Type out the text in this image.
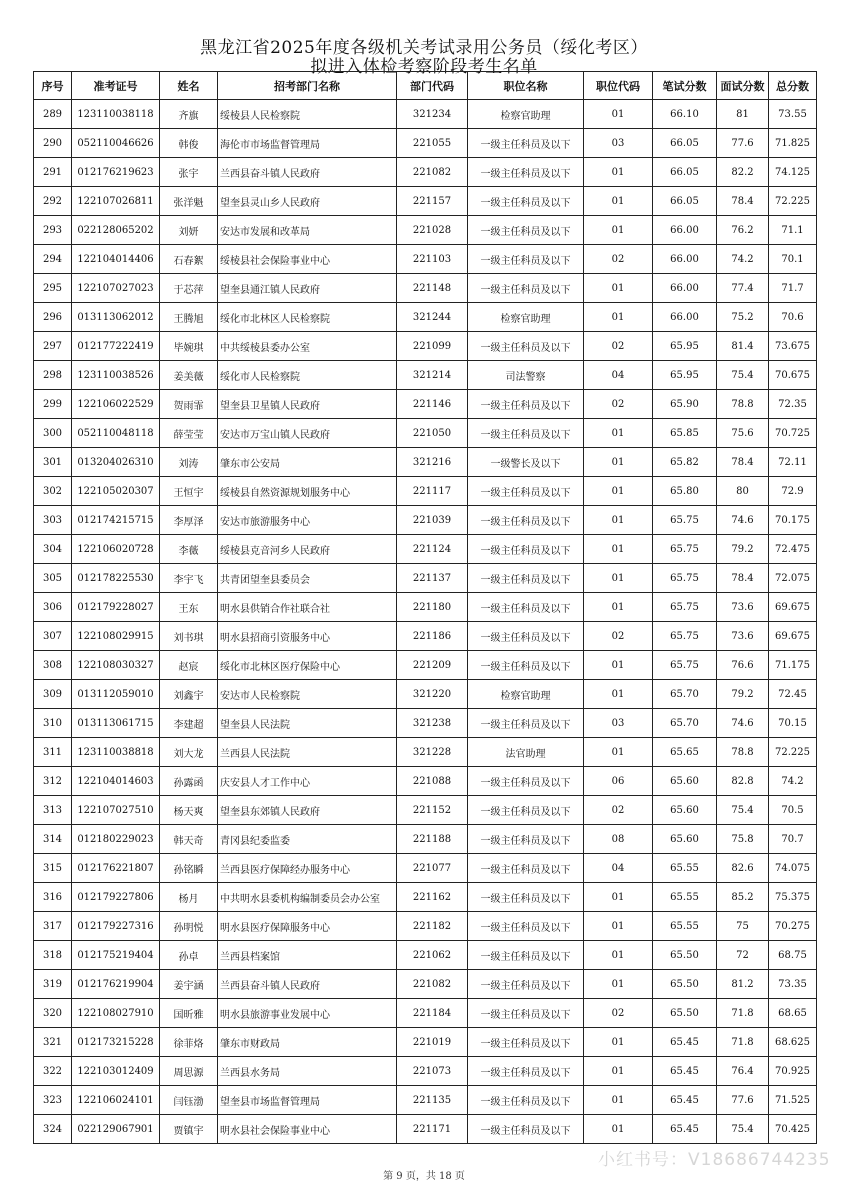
黑龙江省2025年度各级机关考试录用公务员（绥化考区）
拟进入体检考察阶段考生名单
序号	准考证号	姓名	招考部门名称	部门代码	职位名称	职位代码	笔试分数	面试分数	总分数
289	123110038118	齐旗	绥棱县人民检察院	321234	检察官助理	01	66.10	81	73.55
290	052110046626	韩俊	海伦市市场监督管理局	221055	一级主任科员及以下	03	66.05	77.6	71.825
291	012176219623	张宇	兰西县奋斗镇人民政府	221082	一级主任科员及以下	01	66.05	82.2	74.125
292	122107026811	张洋魁	望奎县灵山乡人民政府	221157	一级主任科员及以下	01	66.05	78.4	72.225
293	022128065202	刘妍	安达市发展和改革局	221028	一级主任科员及以下	01	66.00	76.2	71.1
294	122104014406	石春絮	绥棱县社会保险事业中心	221103	一级主任科员及以下	02	66.00	74.2	70.1
295	122107027023	于芯萍	望奎县通江镇人民政府	221148	一级主任科员及以下	01	66.00	77.4	71.7
296	013113062012	王腾旭	绥化市北林区人民检察院	321244	检察官助理	01	66.00	75.2	70.6
297	012177222419	毕婉琪	中共绥棱县委办公室	221099	一级主任科员及以下	02	65.95	81.4	73.675
298	123110038526	姜美薇	绥化市人民检察院	321214	司法警察	04	65.95	75.4	70.675
299	122106022529	贺雨霏	望奎县卫星镇人民政府	221146	一级主任科员及以下	02	65.90	78.8	72.35
300	052110048118	薛莹莹	安达市万宝山镇人民政府	221050	一级主任科员及以下	01	65.85	75.6	70.725
301	013204026310	刘涛	肇东市公安局	321216	一级警长及以下	01	65.82	78.4	72.11
302	122105020307	王恒宇	绥棱县自然资源规划服务中心	221117	一级主任科员及以下	01	65.80	80	72.9
303	012174215715	李厚泽	安达市旅游服务中心	221039	一级主任科员及以下	01	65.75	74.6	70.175
304	122106020728	李薇	绥棱县克音河乡人民政府	221124	一级主任科员及以下	01	65.75	79.2	72.475
305	012178225530	李宇飞	共青团望奎县委员会	221137	一级主任科员及以下	01	65.75	78.4	72.075
306	012179228027	王东	明水县供销合作社联合社	221180	一级主任科员及以下	01	65.75	73.6	69.675
307	122108029915	刘书琪	明水县招商引资服务中心	221186	一级主任科员及以下	02	65.75	73.6	69.675
308	122108030327	赵宸	绥化市北林区医疗保险中心	221209	一级主任科员及以下	01	65.75	76.6	71.175
309	013112059010	刘鑫宇	安达市人民检察院	321220	检察官助理	01	65.70	79.2	72.45
310	013113061715	李建超	望奎县人民法院	321238	一级主任科员及以下	03	65.70	74.6	70.15
311	123110038818	刘大龙	兰西县人民法院	321228	法官助理	01	65.65	78.8	72.225
312	122104014603	孙露函	庆安县人才工作中心	221088	一级主任科员及以下	06	65.60	82.8	74.2
313	122107027510	杨天爽	望奎县东郊镇人民政府	221152	一级主任科员及以下	02	65.60	75.4	70.5
314	012180229023	韩天奇	青冈县纪委监委	221188	一级主任科员及以下	08	65.60	75.8	70.7
315	012176221807	孙铭瞬	兰西县医疗保障经办服务中心	221077	一级主任科员及以下	04	65.55	82.6	74.075
316	012179227806	杨月	中共明水县委机构编制委员会办公室	221162	一级主任科员及以下	01	65.55	85.2	75.375
317	012179227316	孙明悦	明水县医疗保障服务中心	221182	一级主任科员及以下	01	65.55	75	70.275
318	012175219404	孙卓	兰西县档案馆	221062	一级主任科员及以下	01	65.50	72	68.75
319	012176219904	姜宇涵	兰西县奋斗镇人民政府	221082	一级主任科员及以下	01	65.50	81.2	73.35
320	122108027910	国昕雅	明水县旅游事业发展中心	221184	一级主任科员及以下	02	65.50	71.8	68.65
321	012173215228	徐菲烙	肇东市财政局	221019	一级主任科员及以下	01	65.45	71.8	68.625
322	122103012409	周思源	兰西县水务局	221073	一级主任科员及以下	01	65.45	76.4	70.925
323	122106024101	闫钰渤	望奎县市场监督管理局	221135	一级主任科员及以下	01	65.45	77.6	71.525
324	022129067901	贾镇宇	明水县社会保险事业中心	221171	一级主任科员及以下	01	65.45	75.4	70.425
小红书号：V18686744235
第 9 页，共 18 页
